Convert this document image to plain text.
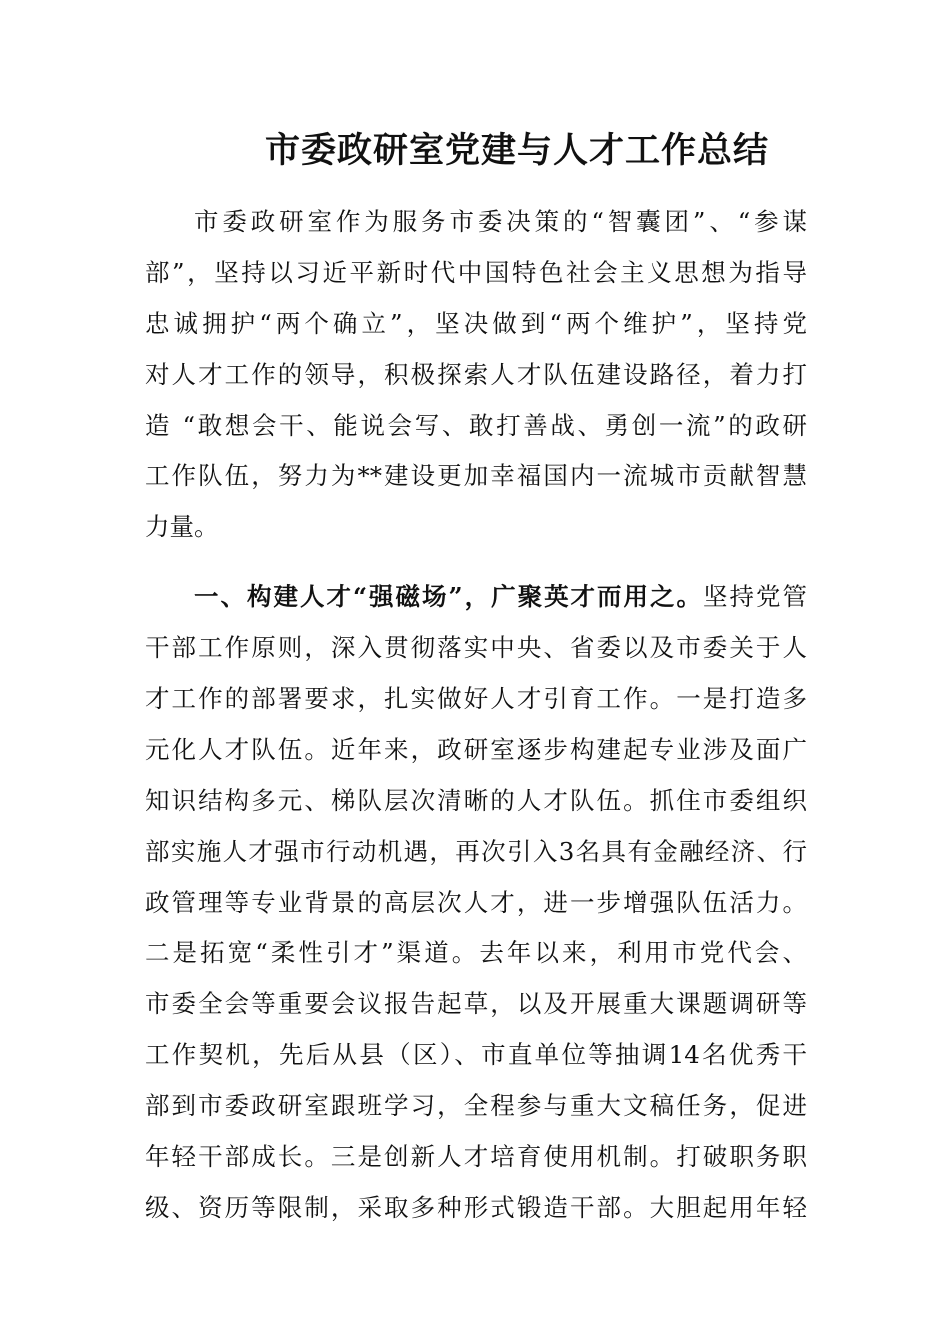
市委政研室党建与人才工作总结
市委政研室作为服务市委决策的“智囊团”、“参谋
部”，坚持以习近平新时代中国特色社会主义思想为指导
忠诚拥护“两个确立”，坚决做到“两个维护”，坚持党
对人才工作的领导，积极探索人才队伍建设路径，着力打
造 “敢想会干、能说会写、敢打善战、勇创一流”的政研
工作队伍，努力为**建设更加幸福国内一流城市贡献智慧
力量。
一、构建人才“强磁场”，广聚英才而用之。坚持党管
干部工作原则，深入贯彻落实中央、省委以及市委关于人
才工作的部署要求，扎实做好人才引育工作。一是打造多
元化人才队伍。近年来，政研室逐步构建起专业涉及面广
知识结构多元、梯队层次清晰的人才队伍。抓住市委组织
部实施人才强市行动机遇，再次引入3名具有金融经济、行
政管理等专业背景的高层次人才，进一步增强队伍活力。
二是拓宽“柔性引才”渠道。去年以来，利用市党代会、
市委全会等重要会议报告起草，以及开展重大课题调研等
工作契机，先后从县（区）、市直单位等抽调14名优秀干
部到市委政研室跟班学习，全程参与重大文稿任务，促进
年轻干部成长。三是创新人才培育使用机制。打破职务职
级、资历等限制，采取多种形式锻造干部。大胆起用年轻
